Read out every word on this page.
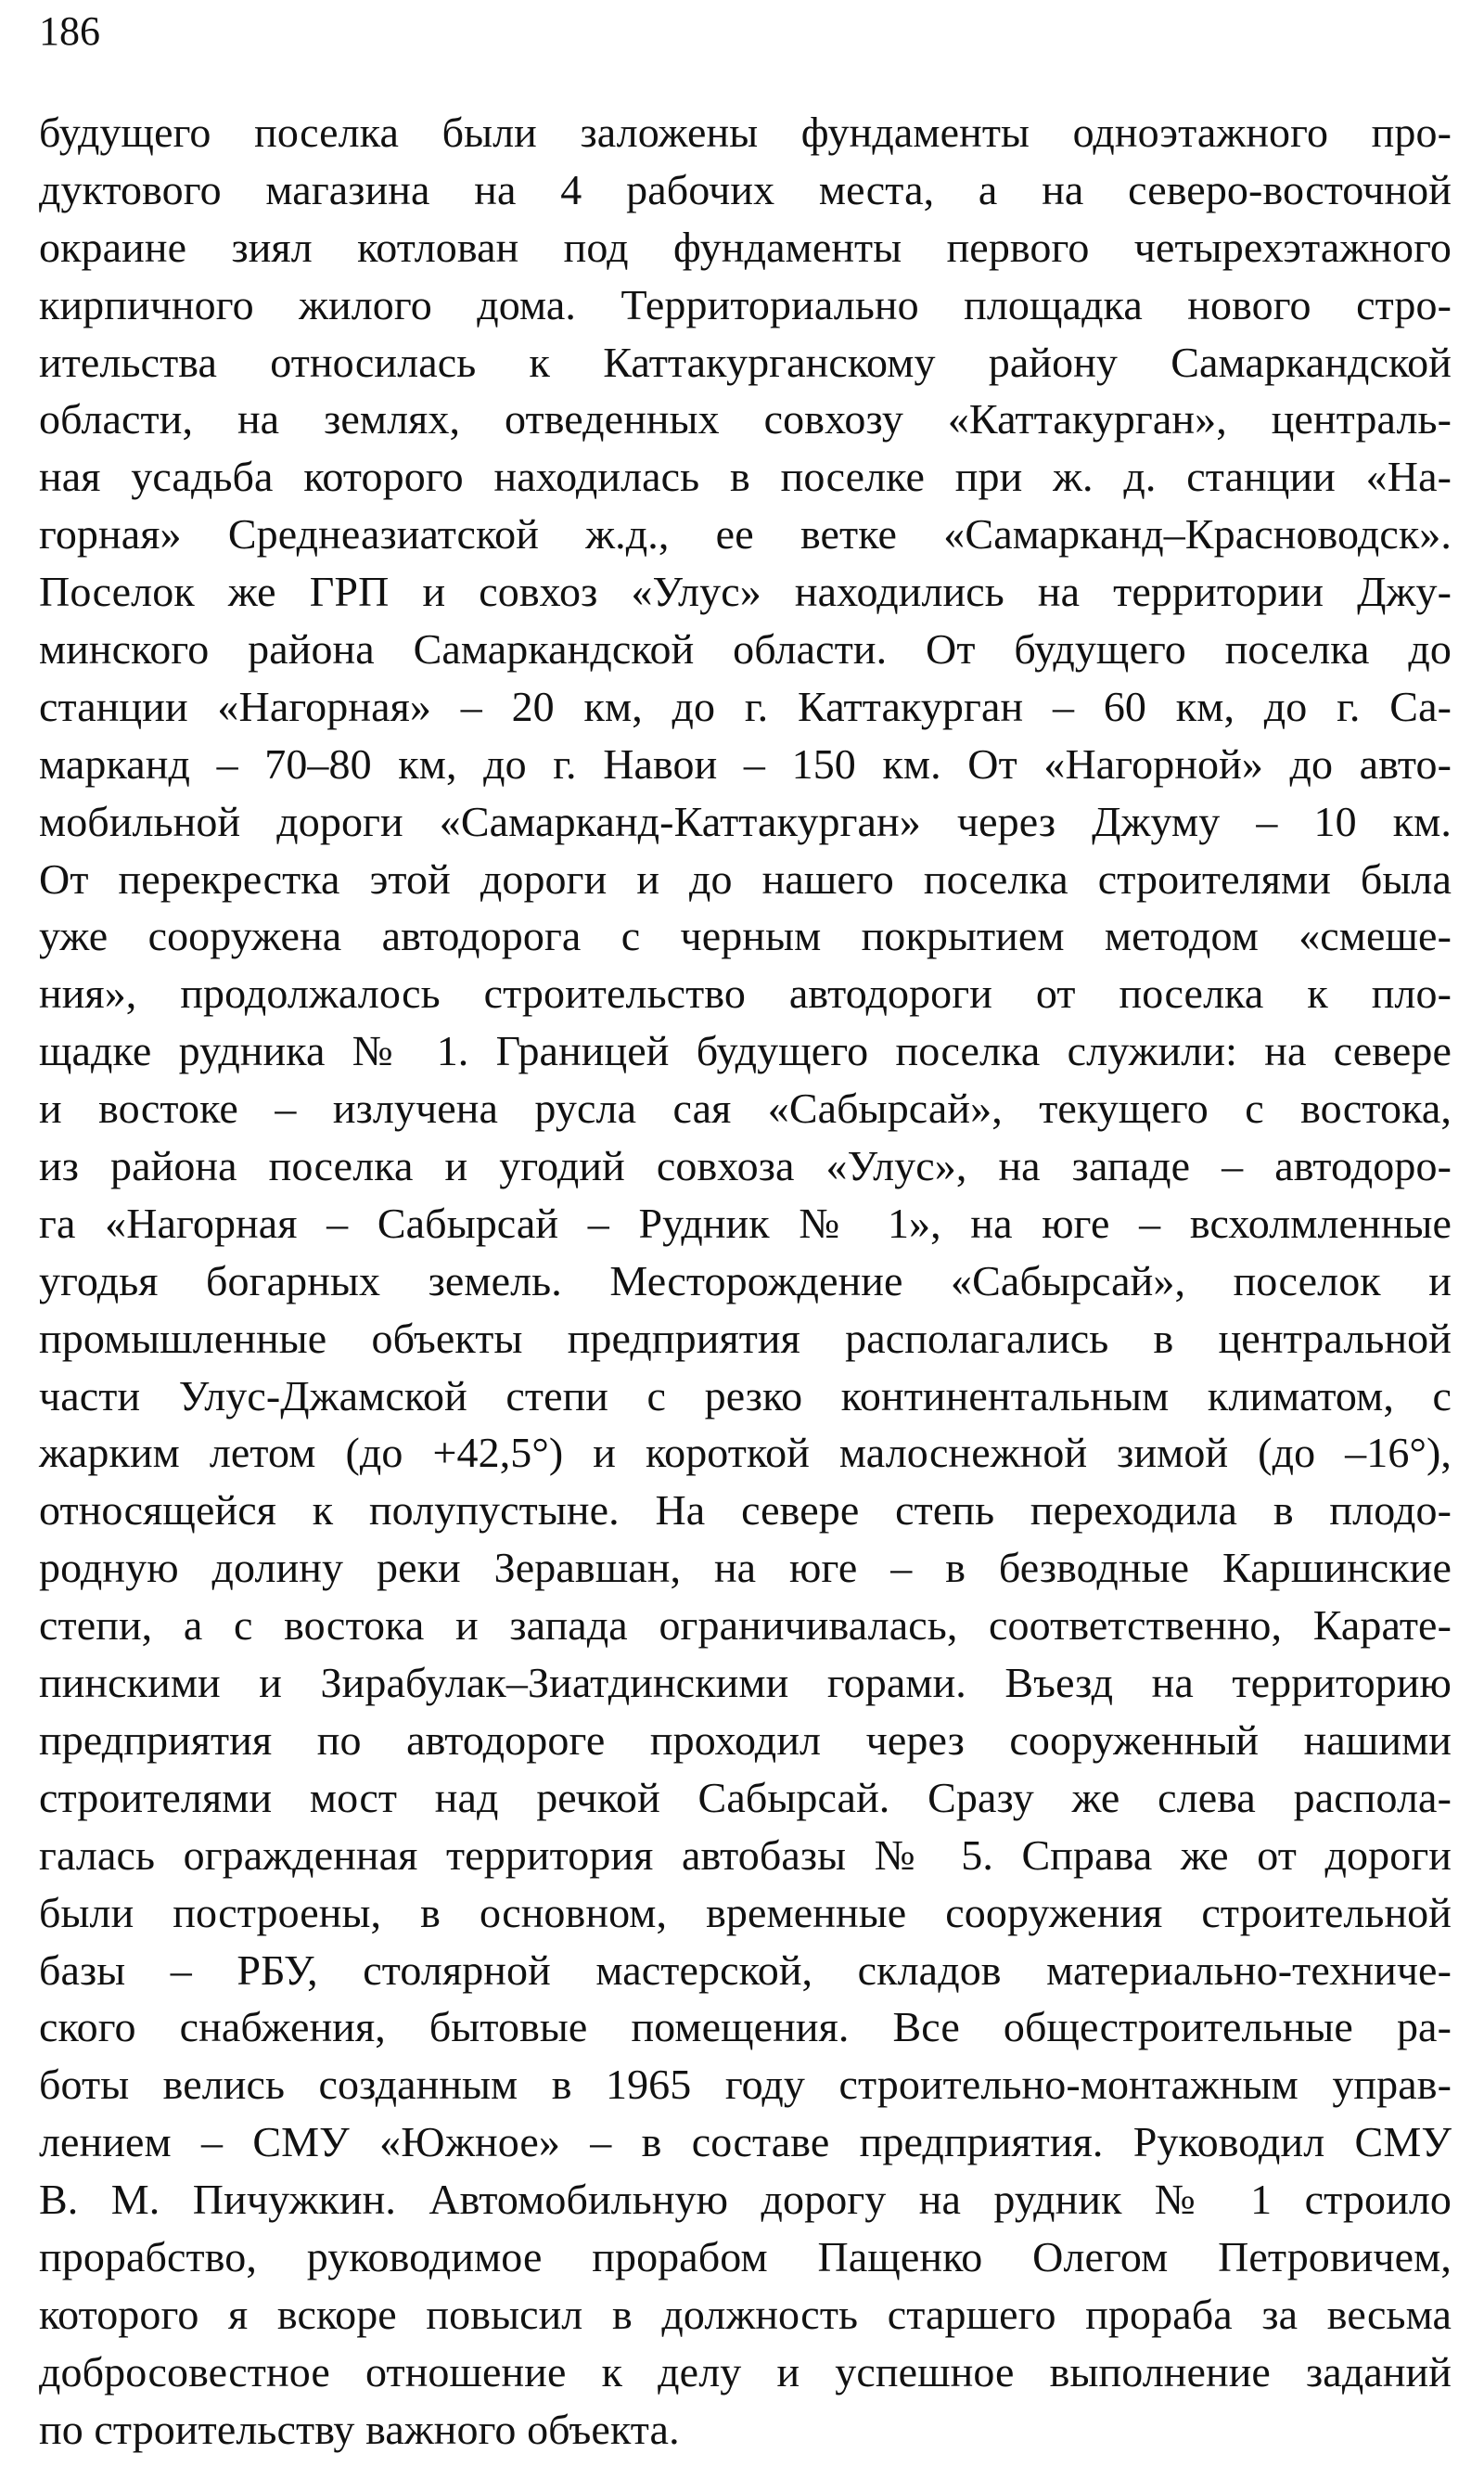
186
будущего поселка были заложены фундаменты одноэтажного про-
дуктового магазина на 4 рабочих места, а на северо-восточной
окраине зиял котлован под фундаменты первого четырехэтажного
кирпичного жилого дома. Территориально площадка нового стро-
ительства относилась к Каттакурганскому району Самаркандской
области, на землях, отведенных совхозу «Каттакурган», централь-
ная усадьба которого находилась в поселке при ж. д. станции «На-
горная» Среднеазиатской ж.д., ее ветке «Самарканд–Красноводск».
Поселок же ГРП и совхоз «Улус» находились на территории Джу-
минского района Самаркандской области. От будущего поселка до
станции «Нагорная» – 20 км, до г. Каттакурган – 60 км, до г. Са-
марканд – 70–80 км, до г. Навои – 150 км. От «Нагорной» до авто-
мобильной дороги «Самарканд-Каттакурган» через Джуму – 10 км.
От перекрестка этой дороги и до нашего поселка строителями была
уже сооружена автодорога с черным покрытием методом «смеше-
ния», продолжалось строительство автодороги от поселка к пло-
щадке рудника № 1. Границей будущего поселка служили: на севере
и востоке – излучена русла сая «Сабырсай», текущего с востока,
из района поселка и угодий совхоза «Улус», на западе – автодоро-
га «Нагорная – Сабырсай – Рудник № 1», на юге – всхолмленные
угодья богарных земель. Месторождение «Сабырсай», поселок и
промышленные объекты предприятия располагались в центральной
части Улус-Джамской степи с резко континентальным климатом, с
жарким летом (до +42,5°) и короткой малоснежной зимой (до –16°),
относящейся к полупустыне. На севере степь переходила в плодо-
родную долину реки Зеравшан, на юге – в безводные Каршинские
степи, а с востока и запада ограничивалась, соответственно, Карате-
пинскими и Зирабулак–Зиатдинскими горами. Въезд на территорию
предприятия по автодороге проходил через сооруженный нашими
строителями мост над речкой Сабырсай. Сразу же слева распола-
галась огражденная территория автобазы № 5. Справа же от дороги
были построены, в основном, временные сооружения строительной
базы – РБУ, столярной мастерской, складов материально-техниче-
ского снабжения, бытовые помещения. Все общестроительные ра-
боты велись созданным в 1965 году строительно-монтажным управ-
лением – СМУ «Южное» – в составе предприятия. Руководил СМУ
В. М. Пичужкин. Автомобильную дорогу на рудник № 1 строило
прорабство, руководимое прорабом Пащенко Олегом Петровичем,
которого я вскоре повысил в должность старшего прораба за весьма
добросовестное отношение к делу и успешное выполнение заданий
по строительству важного объекта.
